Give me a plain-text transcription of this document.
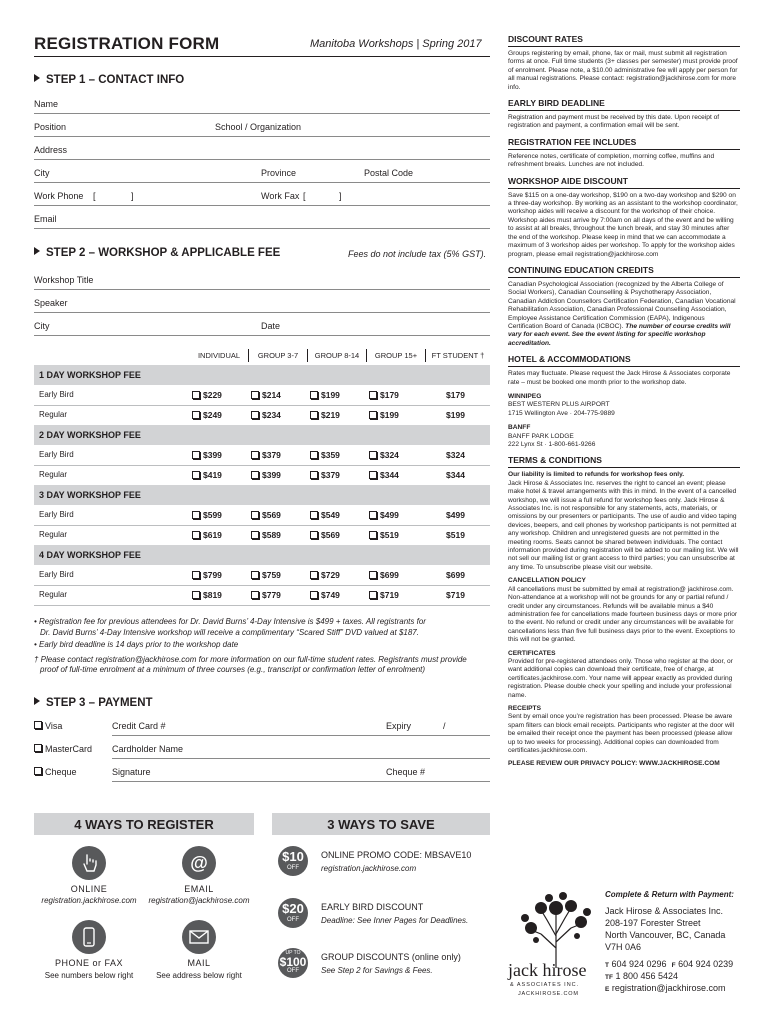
REGISTRATION FORM	Manitoba Workshops | Spring 2017
STEP 1 – CONTACT INFO
Name
Position	School / Organization
Address
City	Province	Postal Code
Work Phone [	]	Work Fax [	]
Email
STEP 2 – WORKSHOP & APPLICABLE FEE	Fees do not include tax (5% GST).
Workshop Title
Speaker
City	Date
INDIVIDUAL	GROUP 3-7	GROUP 8-14	GROUP 15+	FT STUDENT †
1 DAY WORKSHOP FEE
Early Bird	$229	$214	$199	$179	$179
Regular	$249	$234	$219	$199	$199
2 DAY WORKSHOP FEE
Early Bird	$399	$379	$359	$324	$324
Regular	$419	$399	$379	$344	$344
3 DAY WORKSHOP FEE
Early Bird	$599	$569	$549	$499	$499
Regular	$619	$589	$569	$519	$519
4 DAY WORKSHOP FEE
Early Bird	$799	$759	$729	$699	$699
Regular	$819	$779	$749	$719	$719
• Registration fee for previous attendees for Dr. David Burns’ 4-Day Intensive is $499 + taxes. All registrants for
Dr. David Burns’ 4-Day Intensive workshop will receive a complimentary “Scared Stiff” DVD valued at $187.
• Early bird deadline is 14 days prior to the workshop date
† Please contact registration@jackhirose.com for more information on our full-time student rates. Registrants must provide
proof of full-time enrolment at a minimum of three courses (e.g., transcript or confirmation letter of enrolment)
STEP 3 – PAYMENT
Visa	Credit Card #	Expiry	/
MasterCard Cardholder Name
Cheque	Signature	Cheque #
4 WAYS TO REGISTER
@
ONLINE
registration.jackhirose.com
EMAIL
registration@jackhirose.com
PHONE or FAX
See numbers below right
MAIL
See address below right
3 WAYS TO SAVE
$10
OFF
ONLINE PROMO CODE: MBSAVE10
registration.jackhirose.com
$20
OFF
EARLY BIRD DISCOUNT
Deadline: See Inner Pages for Deadlines.
UP TO
$100
OFF
GROUP DISCOUNTS (online only)
See Step 2 for Savings & Fees.
DISCOUNT RATES
Groups registering by email, phone, fax or mail, must submit all registration forms at once. Full time students (3+ classes per semester) must provide proof of enrolment. Please note, a $10.00 administrative fee will apply per person for all manual registrations. Please contact: registration@jackhirose.com for more info.
EARLY BIRD DEADLINE
Registration and payment must be received by this date. Upon receipt of registration and payment, a confirmation email will be sent.
REGISTRATION FEE INCLUDES
Reference notes, certificate of completion, morning coffee, muffins and refreshment breaks. Lunches are not included.
WORKSHOP AIDE DISCOUNT
Save $115 on a one-day workshop, $190 on a two-day workshop and $290 on a three-day workshop. By working as an assistant to the workshop coordinator, workshop aides will receive a discount for the workshop of their choice. Workshop aides must arrive by 7:00am on all days of the event and be willing to assist at all breaks, throughout the lunch break, and stay 30 minutes after the end of the workshop. Please keep in mind that we can accommodate a maximum of 3 workshop aides per workshop. To apply for the workshop aides program, please email registration@jackhirose.com
CONTINUING EDUCATION CREDITS
Canadian Psychological Association (recognized by the Alberta College of Social Workers), Canadian Counselling & Psychotherapy Association, Canadian Addiction Counsellors Certification Federation, Canadian Vocational Rehabilitation Association, Canadian Professional Counselling Association, Employee Assistance Certification Commission (EAPA), Indigenous Certification Board of Canada (ICBOC). The number of course credits will vary for each event. See the event listing for specific workshop accreditation.
HOTEL & ACCOMMODATIONS
Rates may fluctuate. Please request the Jack Hirose & Associates corporate rate – must be booked one month prior to the workshop date.
WINNIPEG
BEST WESTERN PLUS AIRPORT
1715 Wellington Ave · 204-775-9889
BANFF
BANFF PARK LODGE
222 Lynx St · 1-800-661-9266
TERMS & CONDITIONS
Our liability is limited to refunds for workshop fees only.
Jack Hirose & Associates Inc. reserves the right to cancel an event; please make hotel & travel arrangements with this in mind. In the event of a cancelled workshop, we will issue a full refund for workshop fees only. Jack Hirose & Associates Inc. is not responsible for any statements, acts, materials, or omissions by our presenters or participants. The use of audio and video taping devices, beepers, and cell phones by workshop participants is not permitted at any workshop. Children and unregistered guests are not permitted in the meeting rooms. Seats cannot be shared between individuals. The contact information provided during registration will be added to our mailing list. We will not sell our mailing list or grant access to third parties; you can unsubscribe at any time. To unsubscribe please visit our website.
CANCELLATION POLICY
All cancellations must be submitted by email at registration@ jackhirose.com. Non-attendance at a workshop will not be grounds for any or partial refund / credit under any circumstances. Refunds will be available minus a $40 administration fee for cancellations made fourteen business days or more prior to the event. No refund or credit under any circumstances will be available for cancellations less than five full business days prior to the event. Exceptions to this will not be granted.
CERTIFICATES
Provided for pre-registered attendees only. Those who register at the door, or want additional copies can download their certificate, free of charge, at certificates.jackhirose.com. Your name will appear exactly as provided during registration. Please double check your spelling and include your professional name.
RECEIPTS
Sent by email once you’re registration has been processed. Please be aware spam filters can block email receipts. Participants who register at the door will be emailed their receipt once the payment has been processed (please allow up to two weeks for processing). Additional copies can downloaded from certificates.jackhirose.com.
PLEASE REVIEW OUR PRIVACY POLICY: WWW.JACKHIROSE.COM
jack hirose
& ASSOCIATES INC.
JACKHIROSE.COM
Complete & Return with Payment:
Jack Hirose & Associates Inc.
208-197 Forester Street
North Vancouver, BC, Canada
V7H 0A6
T 604 924 0296 F 604 924 0239
TF 1 800 456 5424
E registration@jackhirose.com
